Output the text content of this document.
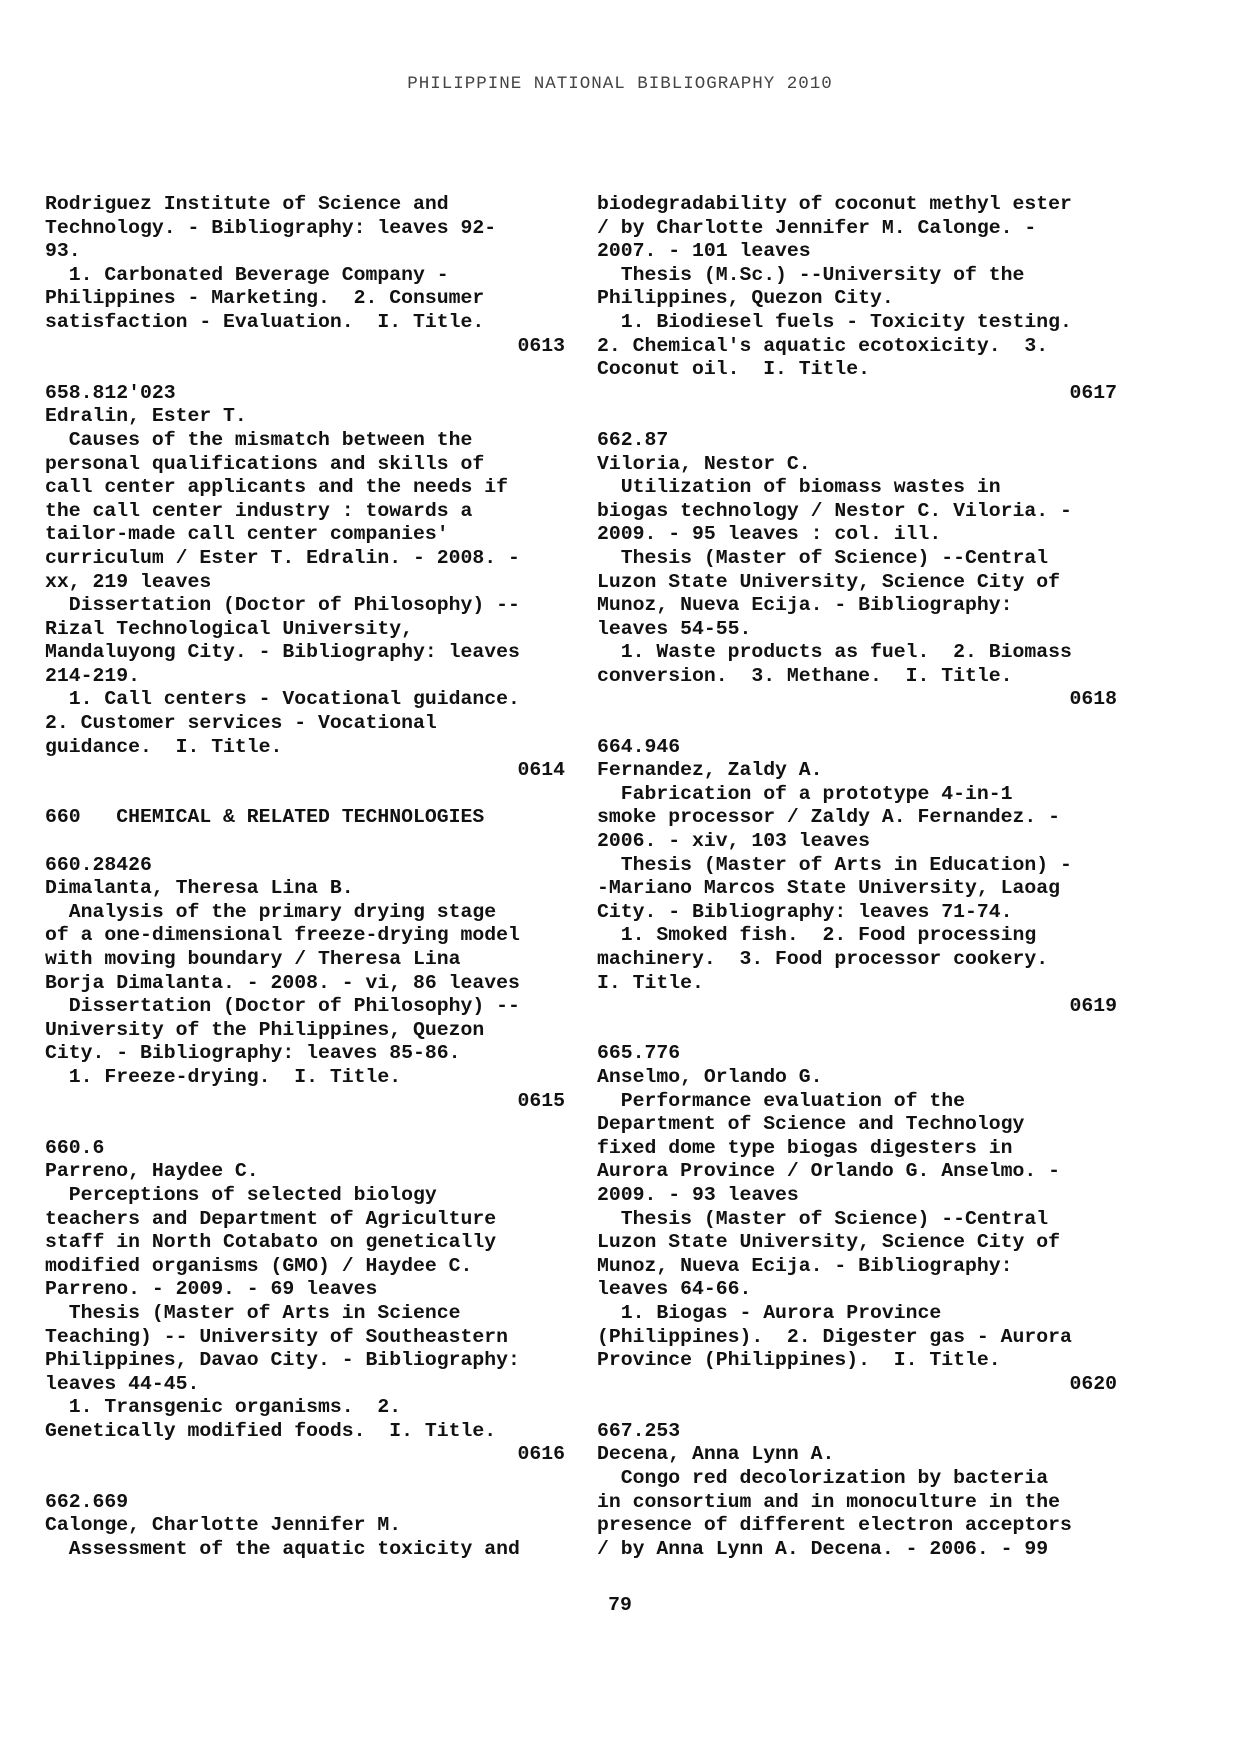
PHILIPPINE NATIONAL BIBLIOGRAPHY 2010
Rodriguez Institute of Science and
Technology. - Bibliography: leaves 92-
93.
1. Carbonated Beverage Company -
Philippines - Marketing.  2. Consumer
satisfaction - Evaluation.  I. Title.
0613
658.812'023
Edralin, Ester T.
Causes of the mismatch between the
personal qualifications and skills of
call center applicants and the needs if
the call center industry : towards a
tailor-made call center companies'
curriculum / Ester T. Edralin. - 2008. -
xx, 219 leaves
Dissertation (Doctor of Philosophy) --
Rizal Technological University,
Mandaluyong City. - Bibliography: leaves
214-219.
1. Call centers - Vocational guidance.
2. Customer services - Vocational
guidance.  I. Title.
0614
660   CHEMICAL & RELATED TECHNOLOGIES
660.28426
Dimalanta, Theresa Lina B.
Analysis of the primary drying stage
of a one-dimensional freeze-drying model
with moving boundary / Theresa Lina
Borja Dimalanta. - 2008. - vi, 86 leaves
Dissertation (Doctor of Philosophy) --
University of the Philippines, Quezon
City. - Bibliography: leaves 85-86.
1. Freeze-drying.  I. Title.
0615
660.6
Parreno, Haydee C.
Perceptions of selected biology
teachers and Department of Agriculture
staff in North Cotabato on genetically
modified organisms (GMO) / Haydee C.
Parreno. - 2009. - 69 leaves
Thesis (Master of Arts in Science
Teaching) -- University of Southeastern
Philippines, Davao City. - Bibliography:
leaves 44-45.
1. Transgenic organisms.  2.
Genetically modified foods.  I. Title.
0616
662.669
Calonge, Charlotte Jennifer M.
Assessment of the aquatic toxicity and
biodegradability of coconut methyl ester
/ by Charlotte Jennifer M. Calonge. -
2007. - 101 leaves
Thesis (M.Sc.) --University of the
Philippines, Quezon City.
1. Biodiesel fuels - Toxicity testing.
2. Chemical's aquatic ecotoxicity.  3.
Coconut oil.  I. Title.
0617
662.87
Viloria, Nestor C.
Utilization of biomass wastes in
biogas technology / Nestor C. Viloria. -
2009. - 95 leaves : col. ill.
Thesis (Master of Science) --Central
Luzon State University, Science City of
Munoz, Nueva Ecija. - Bibliography:
leaves 54-55.
1. Waste products as fuel.  2. Biomass
conversion.  3. Methane.  I. Title.
0618
664.946
Fernandez, Zaldy A.
Fabrication of a prototype 4-in-1
smoke processor / Zaldy A. Fernandez. -
2006. - xiv, 103 leaves
Thesis (Master of Arts in Education) -
-Mariano Marcos State University, Laoag
City. - Bibliography: leaves 71-74.
1. Smoked fish.  2. Food processing
machinery.  3. Food processor cookery.
I. Title.
0619
665.776
Anselmo, Orlando G.
Performance evaluation of the
Department of Science and Technology
fixed dome type biogas digesters in
Aurora Province / Orlando G. Anselmo. -
2009. - 93 leaves
Thesis (Master of Science) --Central
Luzon State University, Science City of
Munoz, Nueva Ecija. - Bibliography:
leaves 64-66.
1. Biogas - Aurora Province
(Philippines).  2. Digester gas - Aurora
Province (Philippines).  I. Title.
0620
667.253
Decena, Anna Lynn A.
Congo red decolorization by bacteria
in consortium and in monoculture in the
presence of different electron acceptors
/ by Anna Lynn A. Decena. - 2006. - 99
79
